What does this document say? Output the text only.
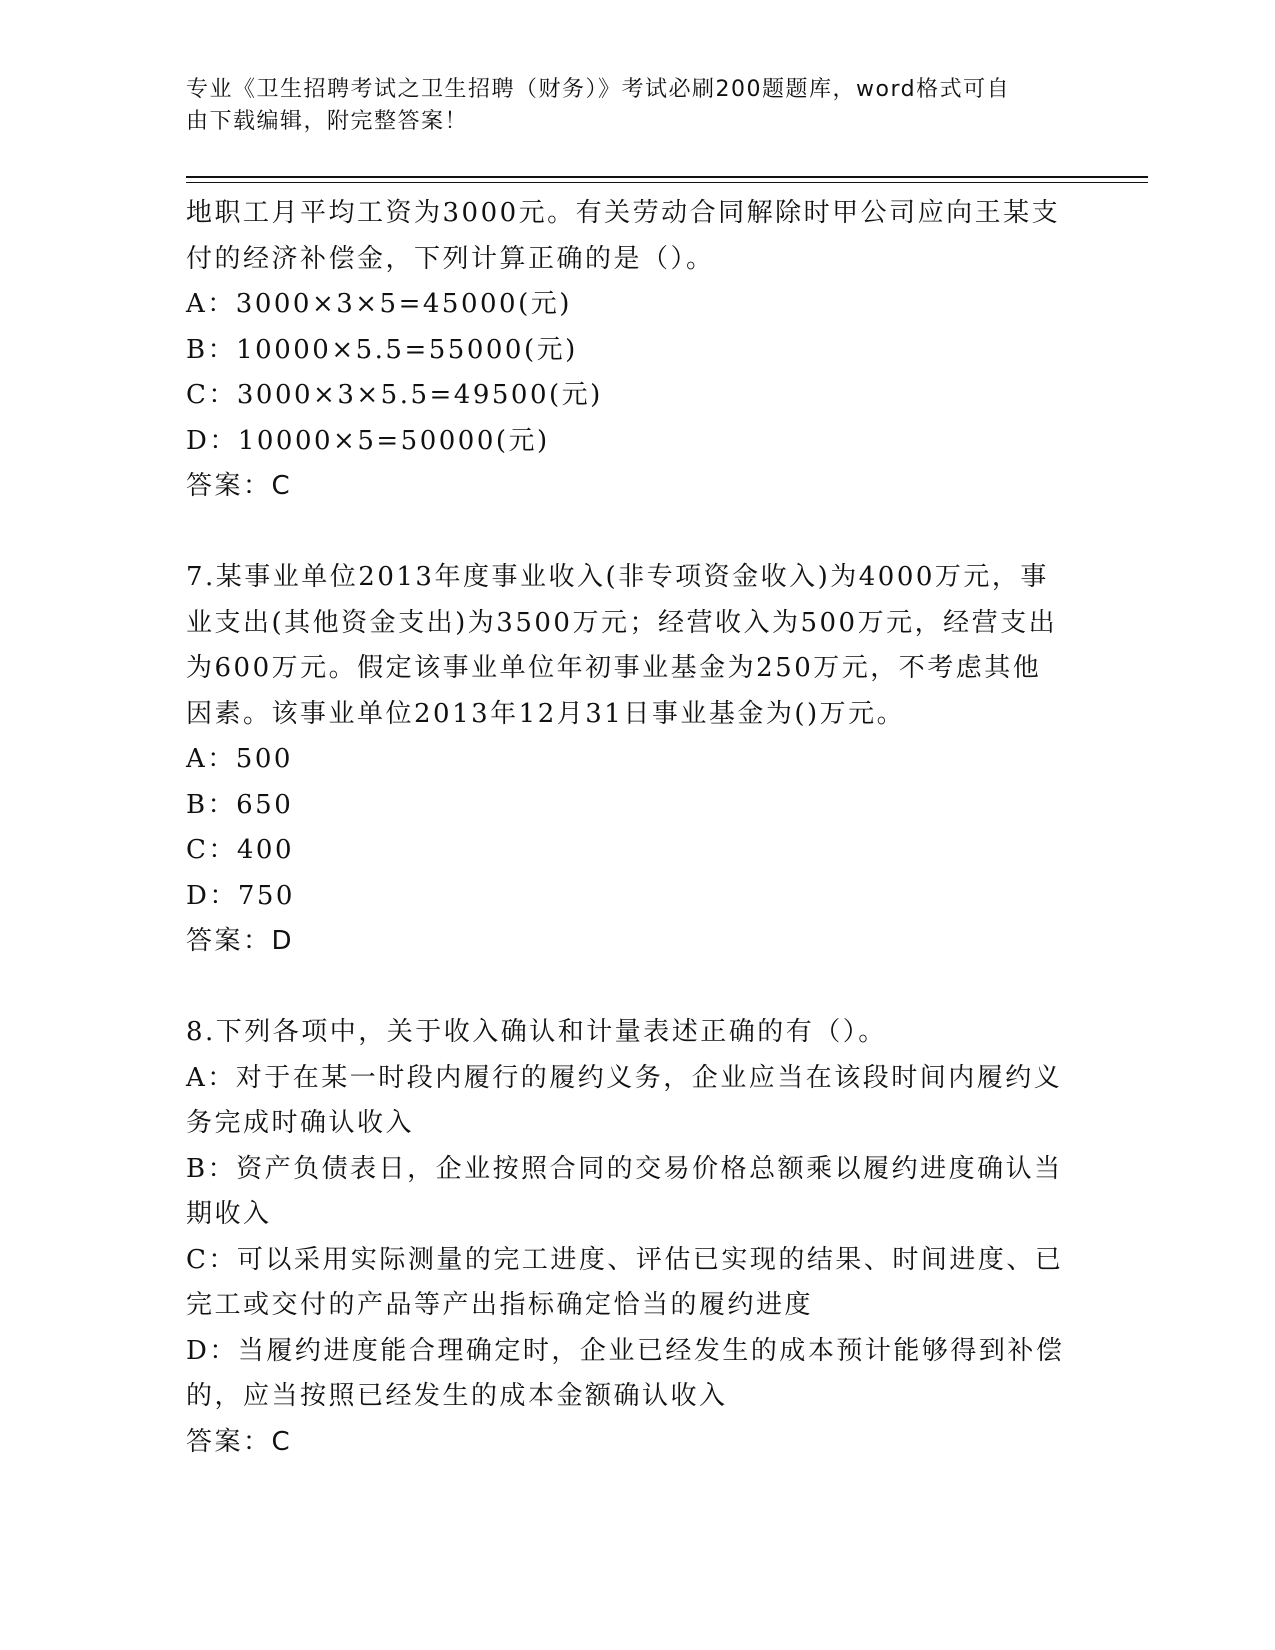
专业《卫生招聘考试之卫生招聘（财务）》考试必刷200题题库，word格式可自
由下载编辑，附完整答案！

地职工月平均工资为3000元。有关劳动合同解除时甲公司应向王某支

付的经济补偿金，下列计算正确的是（）。

A：3000×3×5=45000(元)

B：10000×5.5=55000(元)

C：3000×3×5.5=49500(元)

D：10000×5=50000(元)

答案：C

7.某事业单位2013年度事业收入(非专项资金收入)为4000万元，事

业支出(其他资金支出)为3500万元；经营收入为500万元，经营支出

为600万元。假定该事业单位年初事业基金为250万元，不考虑其他

因素。该事业单位2013年12月31日事业基金为()万元。

A：500

B：650

C：400

D：750

答案：D

8.下列各项中，关于收入确认和计量表述正确的有（）。

A：对于在某一时段内履行的履约义务，企业应当在该段时间内履约义

务完成时确认收入

B：资产负债表日，企业按照合同的交易价格总额乘以履约进度确认当

期收入

C：可以采用实际测量的完工进度、评估已实现的结果、时间进度、已

完工或交付的产品等产出指标确定恰当的履约进度

D：当履约进度能合理确定时，企业已经发生的成本预计能够得到补偿

的，应当按照已经发生的成本金额确认收入

答案：C
